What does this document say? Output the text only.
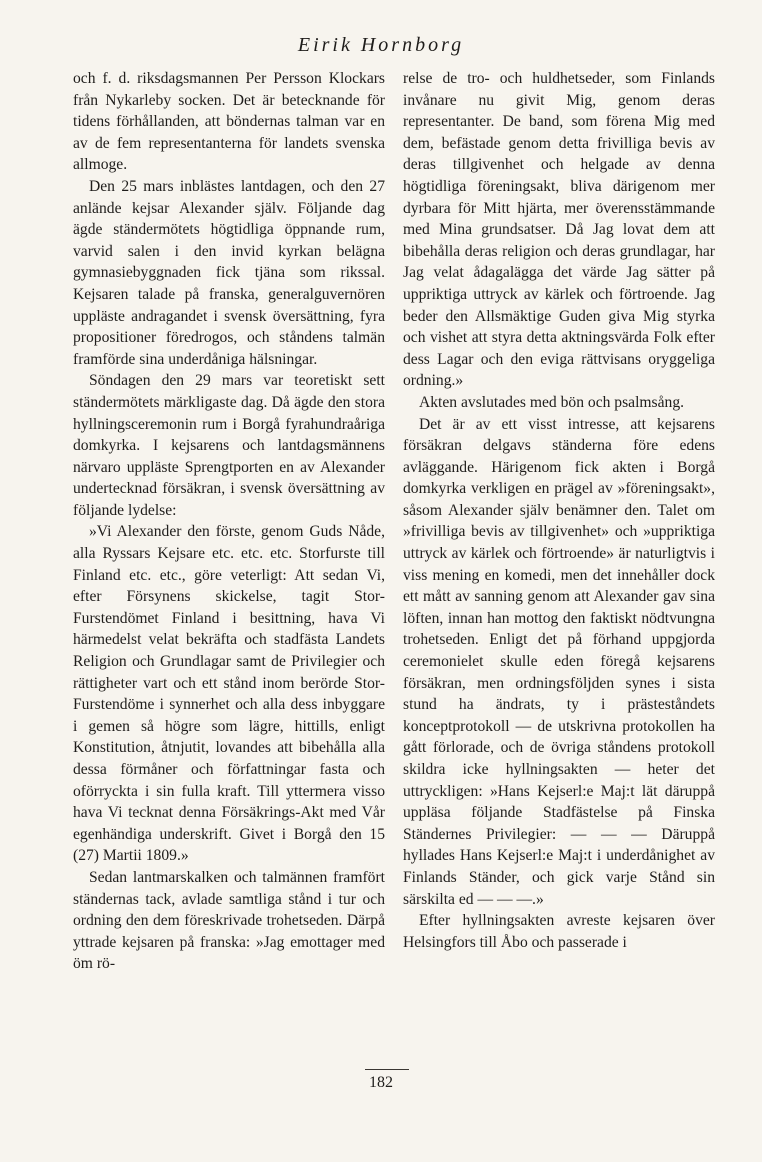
Eirik Hornborg

och f. d. riksdagsmannen Per Persson Klockars från Nykarleby socken. Det är betecknande för tidens förhållanden, att böndernas talman var en av de fem representanterna för landets svenska allmoge.

Den 25 mars inblästes lantdagen, och den 27 anlände kejsar Alexander själv. Följande dag ägde ständermötets högtidliga öppnande rum, varvid salen i den invid kyrkan belägna gymnasiebyggnaden fick tjäna som rikssal. Kejsaren talade på franska, generalguvernören uppläste andragandet i svensk översättning, fyra propositioner föredrogos, och ståndens talmän framförde sina underdåniga hälsningar.

Söndagen den 29 mars var teoretiskt sett ständermötets märkligaste dag. Då ägde den stora hyllningsceremonin rum i Borgå fyrahundraåriga domkyrka. I kejsarens och lantdagsmännens närvaro uppläste Sprengtporten en av Alexander undertecknad försäkran, i svensk översättning av följande lydelse:

»Vi Alexander den förste, genom Guds Nåde, alla Ryssars Kejsare etc. etc. etc. Storfurste till Finland etc. etc., göre veterligt: Att sedan Vi, efter Försynens skickelse, tagit Stor-Furstendömet Finland i besittning, hava Vi härmedelst velat bekräfta och stadfästa Landets Religion och Grundlagar samt de Privilegier och rättigheter vart och ett stånd inom berörde Stor-Furstendöme i synnerhet och alla dess inbyggare i gemen så högre som lägre, hittills, enligt Konstitution, åtnjutit, lovandes att bibehålla alla dessa förmåner och författningar fasta och oförryckta i sin fulla kraft. Till yttermera visso hava Vi tecknat denna Försäkrings-Akt med Vår egenhändiga underskrift. Givet i Borgå den 15 (27) Martii 1809.»

Sedan lantmarskalken och talmännen framfört ständernas tack, avlade samtliga stånd i tur och ordning den dem föreskrivade trohetseden. Därpå yttrade kejsaren på franska: »Jag emottager med öm rö-

relse de tro- och huldhetseder, som Finlands invånare nu givit Mig, genom deras representanter. De band, som förena Mig med dem, befästade genom detta frivilliga bevis av deras tillgivenhet och helgade av denna högtidliga föreningsakt, bliva därigenom mer dyrbara för Mitt hjärta, mer överensstämmande med Mina grundsatser. Då Jag lovat dem att bibehålla deras religion och deras grundlagar, har Jag velat ådagalägga det värde Jag sätter på uppriktiga uttryck av kärlek och förtroende. Jag beder den Allsmäktige Guden giva Mig styrka och vishet att styra detta aktningsvärda Folk efter dess Lagar och den eviga rättvisans oryggeliga ordning.»

Akten avslutades med bön och psalmsång.

Det är av ett visst intresse, att kejsarens försäkran delgavs ständerna före edens avläggande. Härigenom fick akten i Borgå domkyrka verkligen en prägel av »föreningsakt», såsom Alexander själv benämner den. Talet om »frivilliga bevis av tillgivenhet» och »uppriktiga uttryck av kärlek och förtroende» är naturligtvis i viss mening en komedi, men det innehåller dock ett mått av sanning genom att Alexander gav sina löften, innan han mottog den faktiskt nödtvungna trohetseden. Enligt det på förhand uppgjorda ceremonielet skulle eden föregå kejsarens försäkran, men ordningsföljden synes i sista stund ha ändrats, ty i prästeståndets konceptprotokoll — de utskrivna protokollen ha gått förlorade, och de övriga ståndens protokoll skildra icke hyllningsakten — heter det uttryckligen: »Hans Kejserl:e Maj:t lät däruppå uppläsa följande Stadfästelse på Finska Ständernes Privilegier: — — — Däruppå hyllades Hans Kejserl:e Maj:t i underdånighet av Finlands Ständer, och gick varje Stånd sin särskilta ed — — —.»

Efter hyllningsakten avreste kejsaren över Helsingfors till Åbo och passerade i

182
